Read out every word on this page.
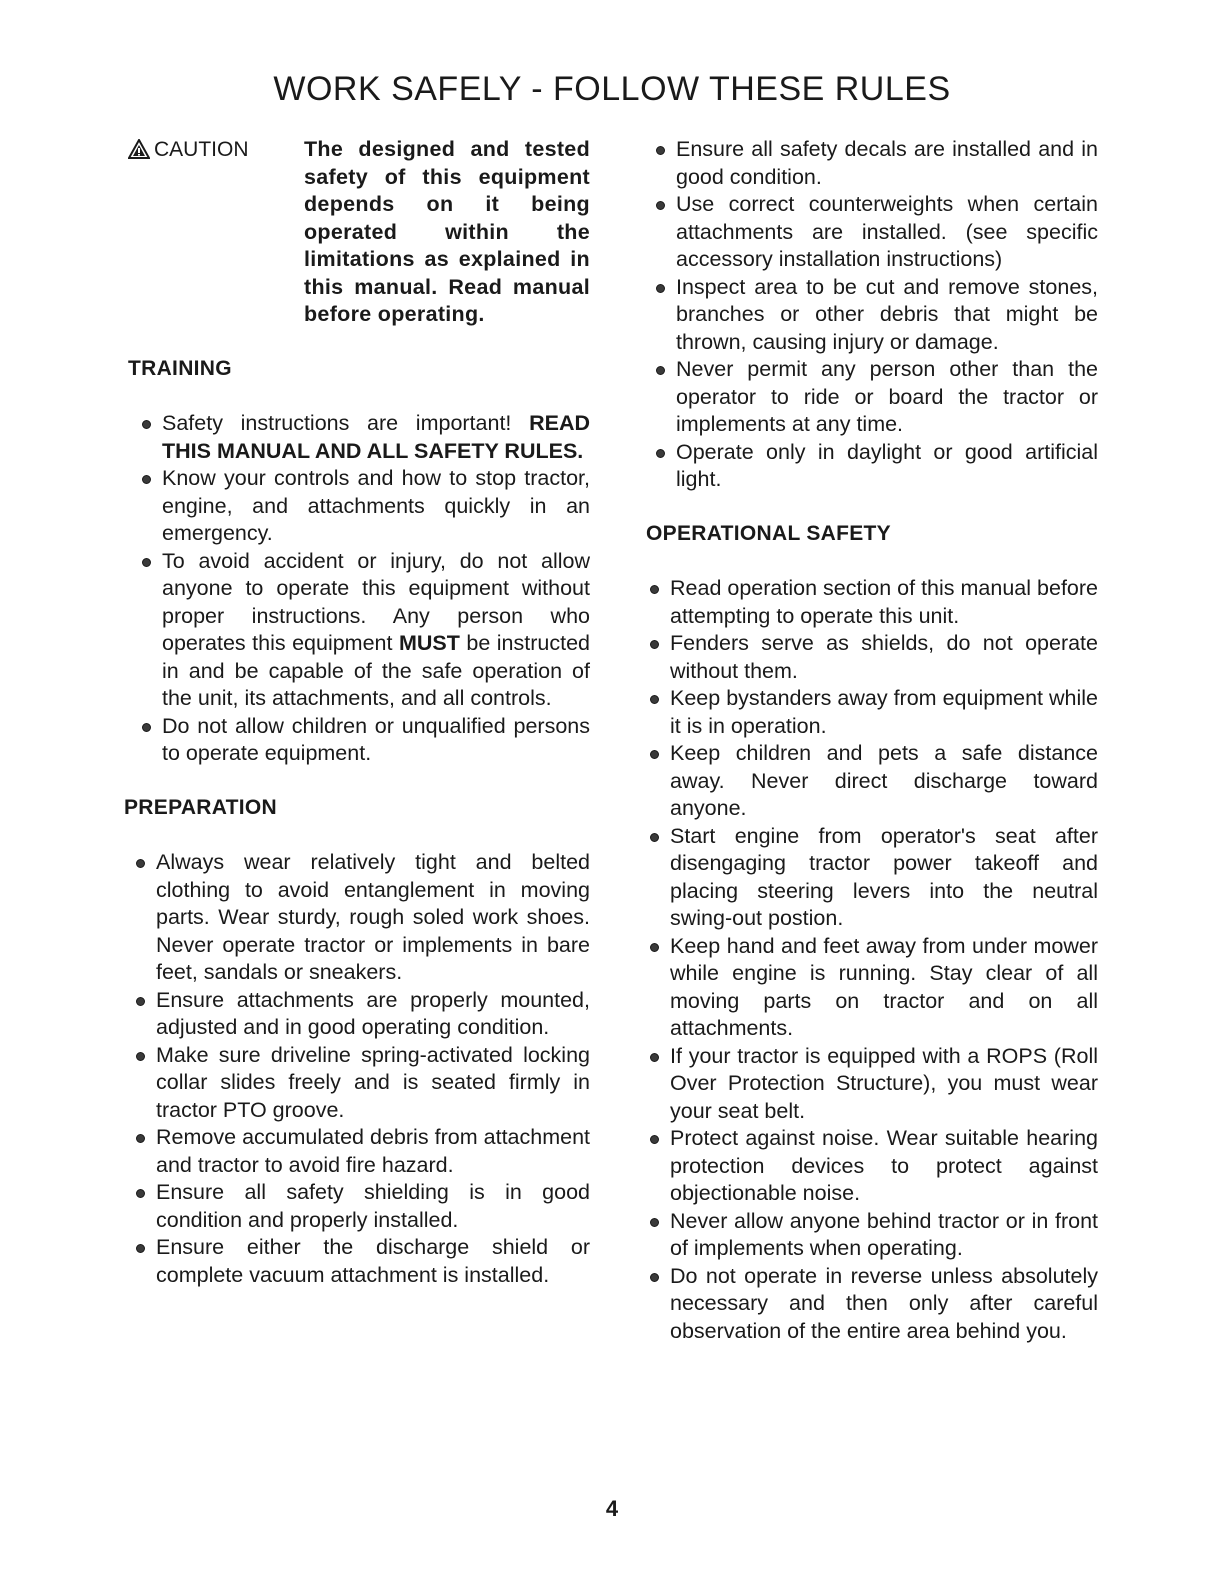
WORK SAFELY - FOLLOW THESE RULES
CAUTION	The designed and tested safety of this equipment depends on it being operated within the limitations as explained in this manual. Read manual before operating.
TRAINING
Safety instructions are important! READ THIS MANUAL AND ALL SAFETY RULES.
Know your controls and how to stop tractor, engine, and attachments quickly in an emergency.
To avoid accident or injury, do not allow anyone to operate this equipment without proper instructions. Any person who operates this equipment MUST be instructed in and be capable of the safe operation of the unit, its attachments, and all controls.
Do not allow children or unqualified persons to operate equipment.
PREPARATION
Always wear relatively tight and belted clothing to avoid entanglement in moving parts. Wear sturdy, rough soled work shoes. Never operate tractor or implements in bare feet, sandals or sneakers.
Ensure attachments are properly mounted, adjusted and in good operating condition.
Make sure driveline spring-activated locking collar slides freely and is seated firmly in tractor PTO groove.
Remove accumulated debris from attachment and tractor to avoid fire hazard.
Ensure all safety shielding is in good condition and properly installed.
Ensure either the discharge shield or complete vacuum attachment is installed.
Ensure all safety decals are installed and in good condition.
Use correct counterweights when certain attachments are installed. (see specific accessory installation instructions)
Inspect area to be cut and remove stones, branches or other debris that might be thrown, causing injury or damage.
Never permit any person other than the operator to ride or board the tractor or implements at any time.
Operate only in daylight or good artificial light.
OPERATIONAL SAFETY
Read operation section of this manual before attempting to operate this unit.
Fenders serve as shields, do not operate without them.
Keep bystanders away from equipment while it is in operation.
Keep children and pets a safe distance away. Never direct discharge toward anyone.
Start engine from operator's seat after disengaging tractor power takeoff and placing steering levers into the neutral swing-out postion.
Keep hand and feet away from under mower while engine is running. Stay clear of all moving parts on tractor and on all attachments.
If your tractor is equipped with a ROPS (Roll Over Protection Structure), you must wear your seat belt.
Protect against noise. Wear suitable hearing protection devices to protect against objectionable noise.
Never allow anyone behind tractor or in front of implements when operating.
Do not operate in reverse unless absolutely necessary and then only after careful observation of the entire area behind you.
4
